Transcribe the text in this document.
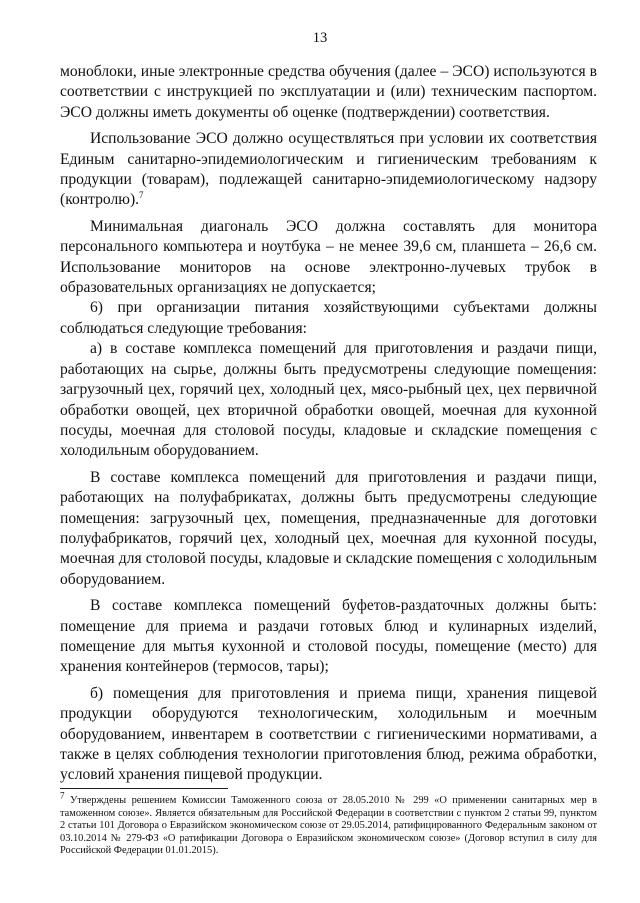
13

моноблоки, иные электронные средства обучения (далее – ЭСО) используются в соответствии с инструкцией по эксплуатации и (или) техническим паспортом. ЭСО должны иметь документы об оценке (подтверждении) соответствия.

Использование ЭСО должно осуществляться при условии их соответствия Единым санитарно-эпидемиологическим и гигиеническим требованиям к продукции (товарам), подлежащей санитарно-эпидемиологическому надзору (контролю).$^7$

Минимальная диагональ ЭСО должна составлять для монитора персонального компьютера и ноутбука – не менее 39,6 см, планшета – 26,6 см. Использование мониторов на основе электронно-лучевых трубок в образовательных организациях не допускается;

6) при организации питания хозяйствующими субъектами должны соблюдаться следующие требования:

а) в составе комплекса помещений для приготовления и раздачи пищи, работающих на сырье, должны быть предусмотрены следующие помещения: загрузочный цех, горячий цех, холодный цех, мясо-рыбный цех, цех первичной обработки овощей, цех вторичной обработки овощей, моечная для кухонной посуды, моечная для столовой посуды, кладовые и складские помещения с холодильным оборудованием.

В составе комплекса помещений для приготовления и раздачи пищи, работающих на полуфабрикатах, должны быть предусмотрены следующие помещения: загрузочный цех, помещения, предназначенные для доготовки полуфабрикатов, горячий цех, холодный цех, моечная для кухонной посуды, моечная для столовой посуды, кладовые и складские помещения с холодильным оборудованием.

В составе комплекса помещений буфетов-раздаточных должны быть: помещение для приема и раздачи готовых блюд и кулинарных изделий, помещение для мытья кухонной и столовой посуды, помещение (место) для хранения контейнеров (термосов, тары);

б) помещения для приготовления и приема пищи, хранения пищевой продукции оборудуются технологическим, холодильным и моечным оборудованием, инвентарем в соответствии с гигиеническими нормативами, а также в целях соблюдения технологии приготовления блюд, режима обработки, условий хранения пищевой продукции.

$^7$ Утверждены решением Комиссии Таможенного союза от 28.05.2010 № 299 «О применении санитарных мер в таможенном союзе». Является обязательным для Российской Федерации в соответствии с пунктом 2 статьи 99, пунктом 2 статьи 101 Договора о Евразийском экономическом союзе от 29.05.2014, ратифицированного Федеральным законом от 03.10.2014 № 279-ФЗ «О ратификации Договора о Евразийском экономическом союзе» (Договор вступил в силу для Российской Федерации 01.01.2015).
